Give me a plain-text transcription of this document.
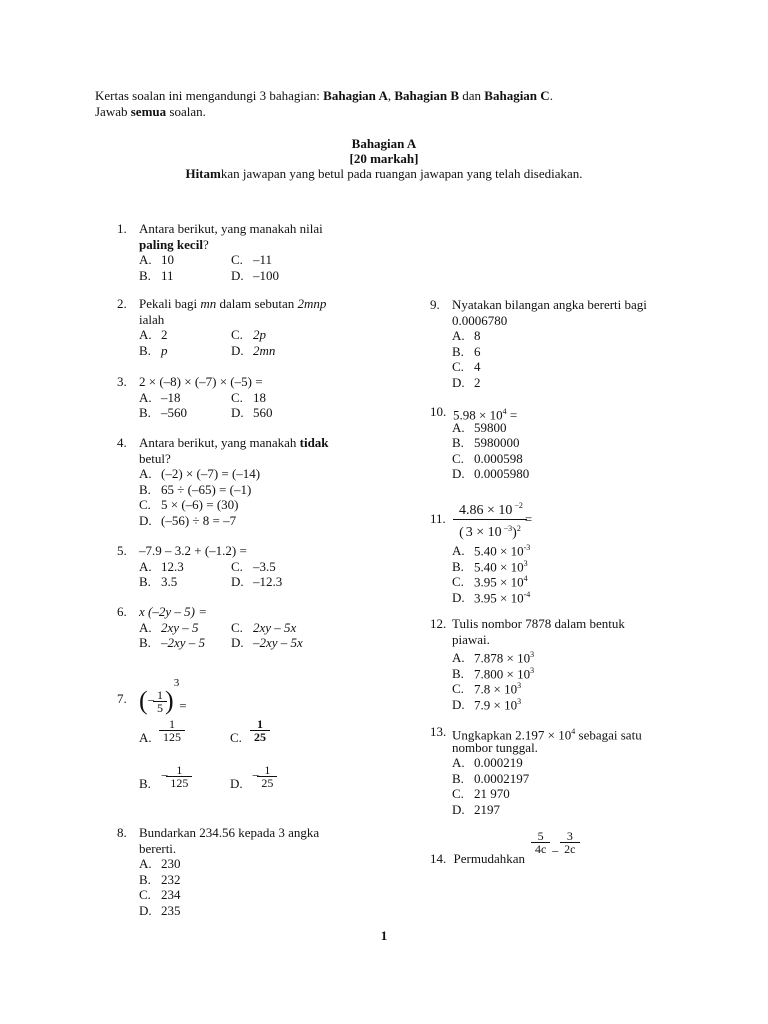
Kertas soalan ini mengandungi 3 bahagian: Bahagian A, Bahagian B dan Bahagian C.
Jawab semua soalan.
Bahagian A
[20 markah]
Hitamkan jawapan yang betul pada ruangan jawapan yang telah disediakan.
1. Antara berikut, yang manakah nilai
paling kecil?
A. 10	C. –11
B. 11	D. –100
2. Pekali bagi mn dalam sebutan 2mnp
ialah
A. 2	C. 2p
B. p	D. 2mn
3. 2 × (–8) × (–7) × (–5) =
A. –18	C. 18
B. –560	D. 560
4. Antara berikut, yang manakah tidak
betul?
A. (–2) × (–7) = (–14)
B. 65 ÷ (–65) = (–1)
C. 5 × (–6) = (30)
D. (–56) ÷ 8 = –7
5. –7.9 – 3.2 + (–1.2) =
A. 12.3	C. –3.5
B. 3.5	D. –12.3
6. x (–2y – 5) =
A. 2xy – 5 C. 2xy – 5x
B. –2xy – 5 D. –2xy – 5x
7. (− $\frac{1}{5} )^3=$
A. $\frac{1}{125}$	C. $\frac{1}{25}$
$B.- \frac{1}{125}$	$D.- \frac{1}{25}$
8. Bundarkan 234.56 kepada 3 angka
bererti.
A. 230
B. 232
C. 234
D. 235
9. Nyatakan bilangan angka bererti bagi
0.0006780
A. 8
B. 6
C. 4
D. 2
10. $5.98 \times 10^4$ =
A. 59800
B. 5980000
C. 0.000598
D. 0.0005980
11. $\frac{4.86 \times 10 ^{-2}}{( 3 \times 10 ^{-3})^2}$ =
A. $5.40 \times 10^{-3}$
B. $5.40 \times 10^3$
C. $3.95 \times 10^4$
D. $3.95 \times 10^{-4}$
12. Tulis nombor 7878 dalam bentuk
piawai.
A. $7.878 \times 10^3$
B. $7.800 \times 10^3$
C. $7.8 \times 10^3$
D. $7.9 \times 10^3$
13. Ungkapkan $2.197 \times 10^4$ sebagai satu
nombor tunggal.
A. 0.000219
B. 0.0002197
C. 21 970
D. 2197
14. Permudahkan
$\frac{5}{4c} - \frac{3}{2c}$
1
